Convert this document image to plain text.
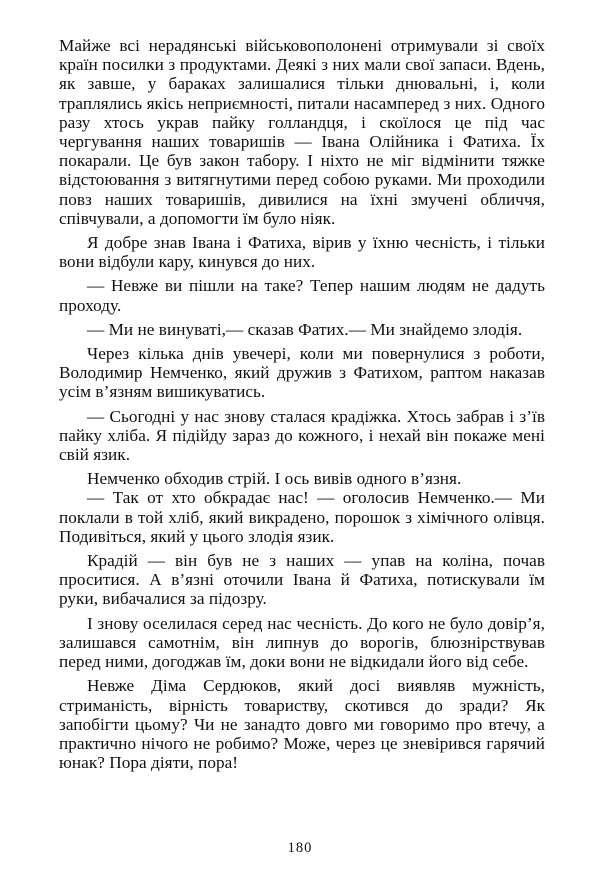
Майже всі нерадянські військовополонені отримували зі своїх країн посилки з продуктами. Деякі з них мали свої запаси. Вдень, як завше, у бараках залишалися тільки днювальні, і, коли траплялись якісь неприємності, питали насамперед з них. Одного разу хтось украв пайку голландця, і скоїлося це під час чергування наших товаришів — Івана Олійника і Фатиха. Їх покарали. Це був закон табору. І ніхто не міг відмінити тяжке відстоювання з витягнутими перед собою руками. Ми проходили повз наших товаришів, дивилися на їхні змучені обличчя, співчували, а допомогти їм було ніяк.

Я добре знав Івана і Фатиха, вірив у їхню чесність, і тільки вони відбули кару, кинувся до них.

— Невже ви пішли на таке? Тепер нашим людям не дадуть проходу.

— Ми не винуваті,— сказав Фатих.— Ми знайдемо злодія.

Через кілька днів увечері, коли ми повернулися з роботи, Володимир Немченко, який дружив з Фатихом, раптом наказав усім в’язням вишикуватись.

— Сьогодні у нас знову сталася крадіжка. Хтось забрав і з’їв пайку хліба. Я підійду зараз до кожного, і нехай він покаже мені свій язик.

Немченко обходив стрій. І ось вивів одного в’язня.

— Так от хто обкрадає нас! — оголосив Немченко.— Ми поклали в той хліб, який викрадено, порошок з хімічного олівця. Подивіться, який у цього злодія язик.

Крадій — він був не з наших — упав на коліна, почав проситися. А в’язні оточили Івана й Фатиха, потискували їм руки, вибачалися за підозру.

І знову оселилася серед нас чесність. До кого не було довір’я, залишався самотнім, він липнув до ворогів, блюзнірствував перед ними, догоджав їм, доки вони не відкидали його від себе.

Невже Діма Сердюков, який досі виявляв мужність, стриманість, вірність товариству, скотився до зради? Як запобігти цьому? Чи не занадто довго ми говоримо про втечу, а практично нічого не робимо? Може, через це зневірився гарячий юнак? Пора діяти, пора!

180
